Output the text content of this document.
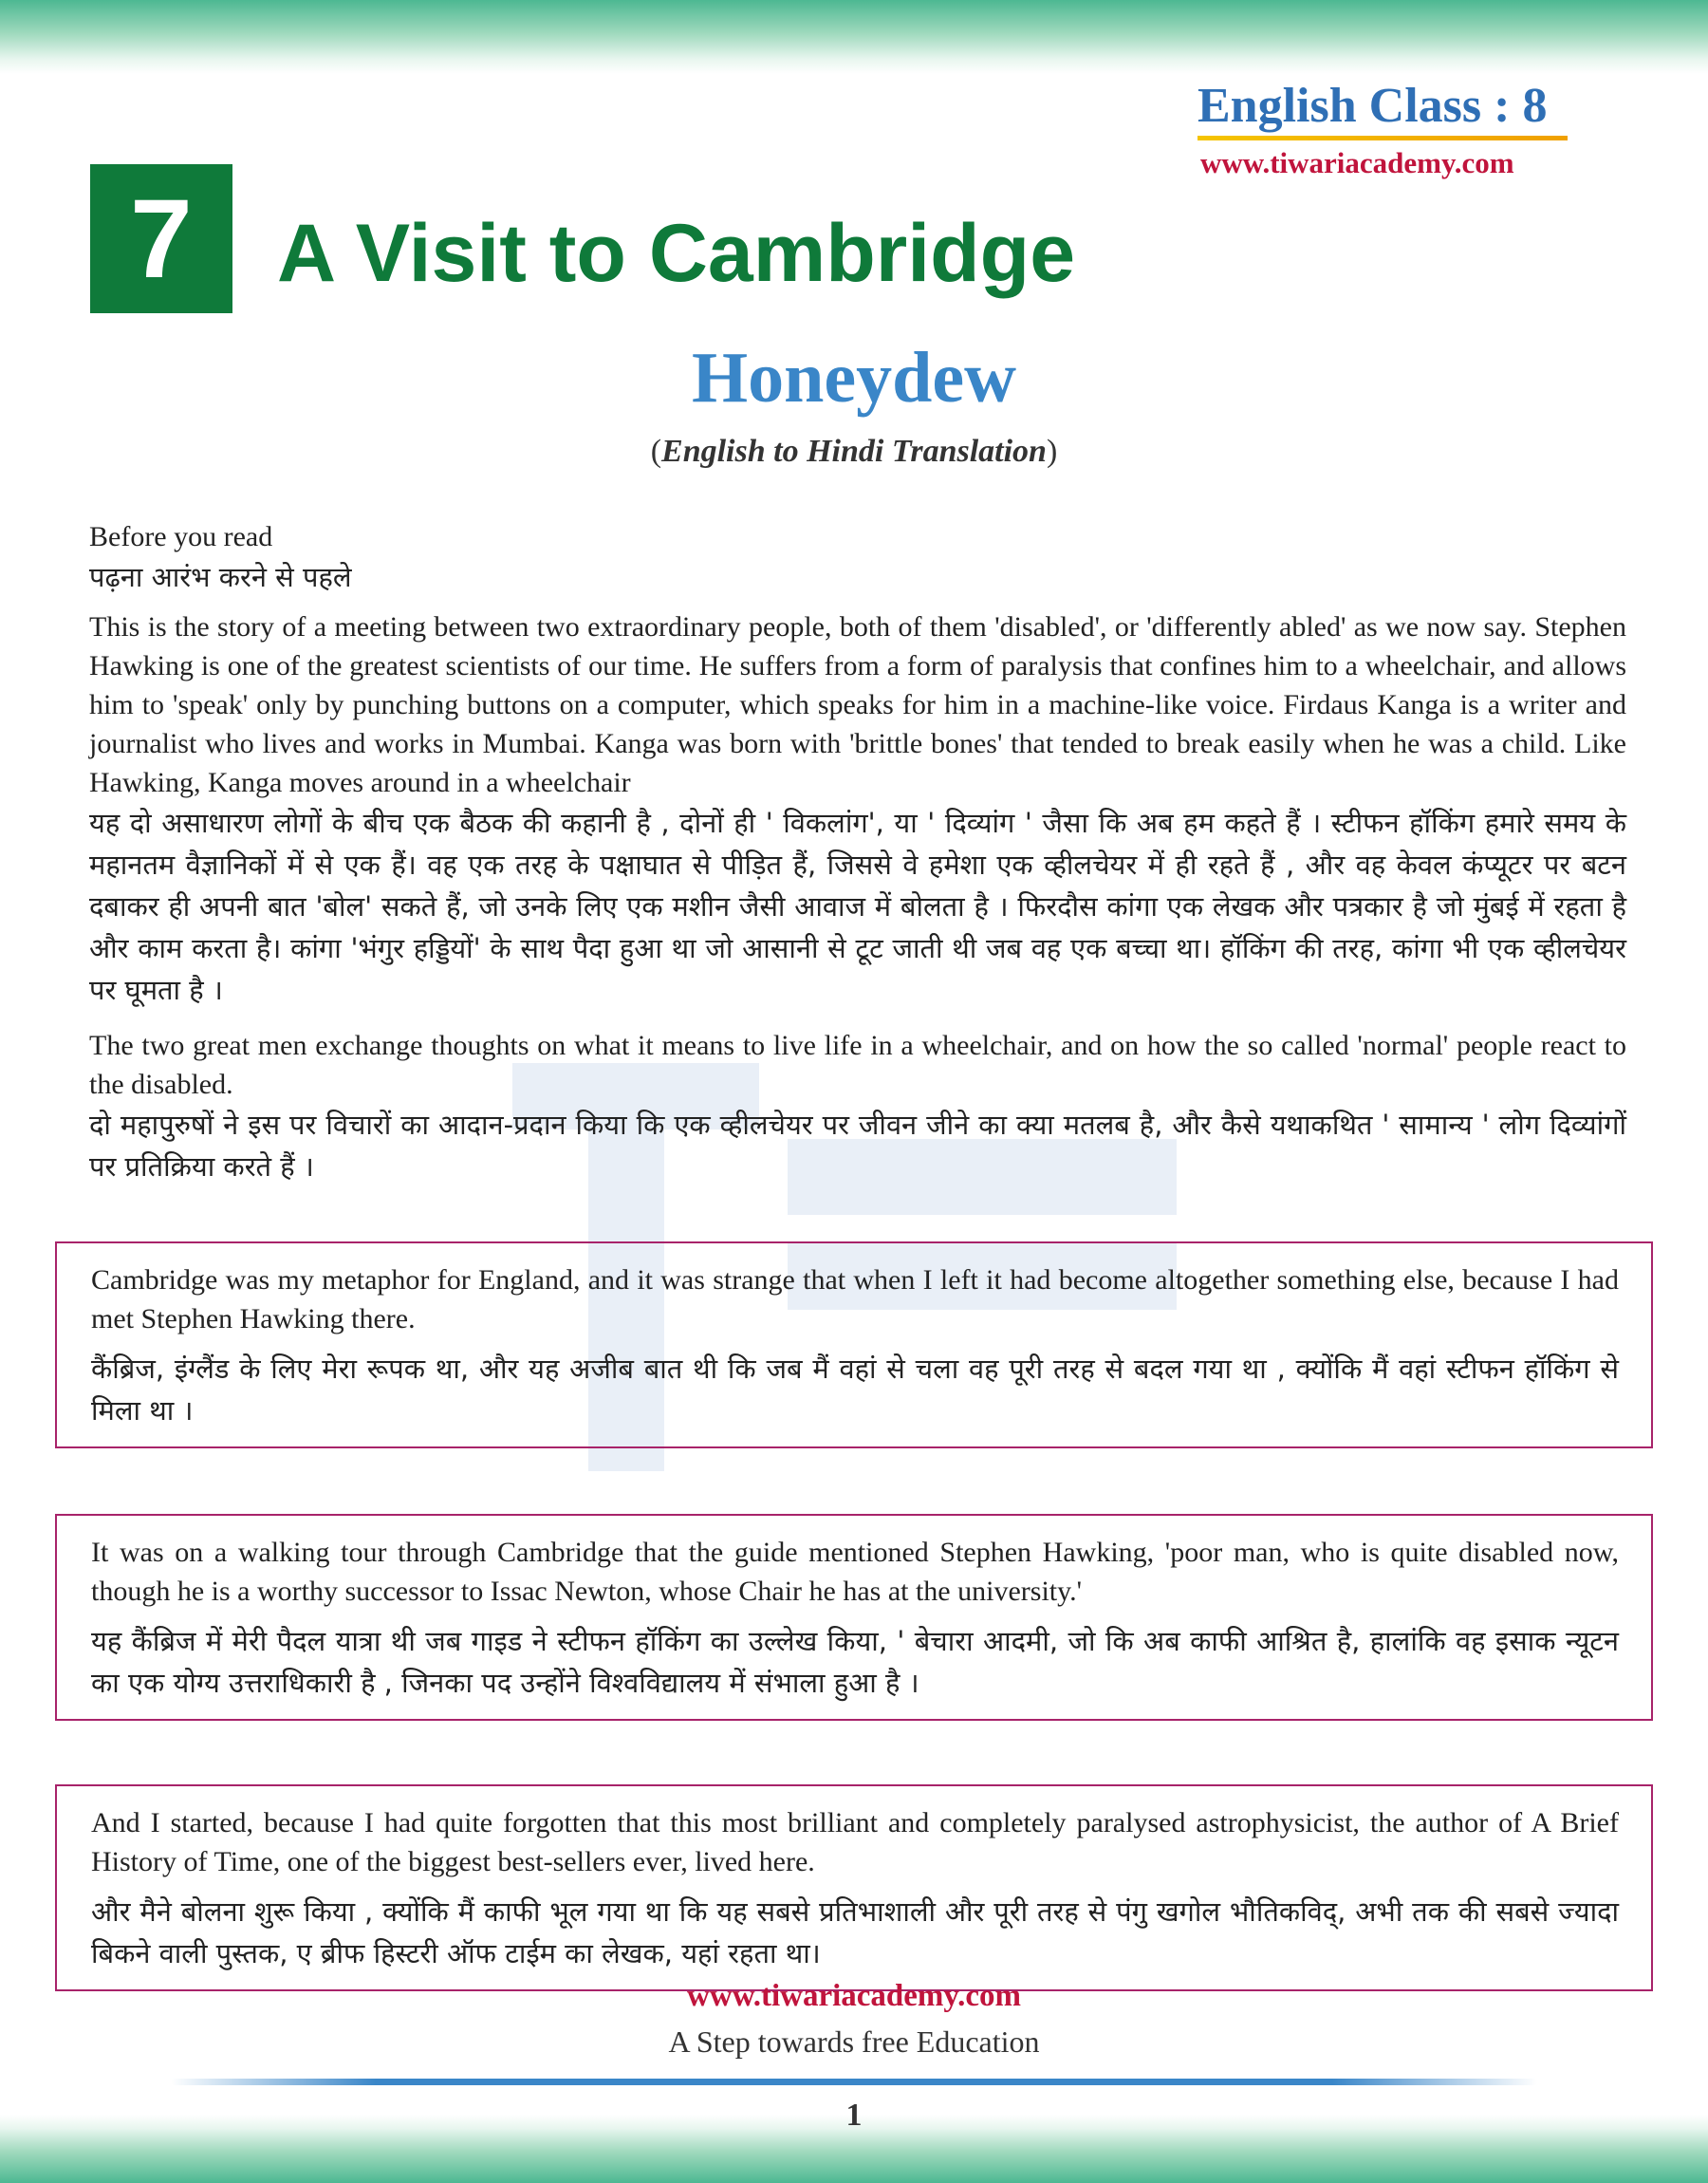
English Class : 8
www.tiwariacademy.com
7	A Visit to Cambridge
Honeydew
(English to Hindi Translation)

Before you read

पढ़ना आरंभ करने से पहले

This is the story of a meeting between two extraordinary people, both of them 'disabled', or 'differently abled' as we now say. Stephen Hawking is one of the greatest scientists of our time. He suffers from a form of paralysis that confines him to a wheelchair, and allows him to 'speak' only by punching buttons on a computer, which speaks for him in a machine-like voice. Firdaus Kanga is a writer and journalist who lives and works in Mumbai. Kanga was born with 'brittle bones' that tended to break easily when he was a child. Like Hawking, Kanga moves around in a wheelchair

यह दो असाधारण लोगों के बीच एक बैठक की कहानी है , दोनों ही ' विकलांग', या ' दिव्यांग ' जैसा कि अब हम कहते हैं । स्टीफन हॉकिंग हमारे समय के महानतम वैज्ञानिकों में से एक हैं। वह एक तरह के पक्षाघात से पीड़ित हैं, जिससे वे हमेशा एक व्हीलचेयर में ही रहते हैं , और वह केवल कंप्यूटर पर बटन दबाकर ही अपनी बात 'बोल' सकते हैं, जो उनके लिए एक मशीन जैसी आवाज में बोलता है । फिरदौस कांगा एक लेखक और पत्रकार है जो मुंबई में रहता है और काम करता है। कांगा 'भंगुर हड्डियों' के साथ पैदा हुआ था जो आसानी से टूट जाती थी जब वह एक बच्चा था। हॉकिंग की तरह, कांगा भी एक व्हीलचेयर पर घूमता है ।

The two great men exchange thoughts on what it means to live life in a wheelchair, and on how the so called 'normal' people react to the disabled.

दो महापुरुषों ने इस पर विचारों का आदान-प्रदान किया कि एक व्हीलचेयर पर जीवन जीने का क्या मतलब है, और कैसे यथाकथित ' सामान्य ' लोग दिव्यांगों पर प्रतिक्रिया करते हैं ।

Cambridge was my metaphor for England, and it was strange that when I left it had become altogether something else, because I had met Stephen Hawking there.

कैंब्रिज, इंग्लैंड के लिए मेरा रूपक था, और यह अजीब बात थी कि जब मैं वहां से चला वह पूरी तरह से बदल गया था , क्योंकि मैं वहां स्टीफन हॉकिंग से मिला था ।

It was on a walking tour through Cambridge that the guide mentioned Stephen Hawking, 'poor man, who is quite disabled now, though he is a worthy successor to Issac Newton, whose Chair he has at the university.'

यह कैंब्रिज में मेरी पैदल यात्रा थी जब गाइड ने स्टीफन हॉकिंग का उल्लेख किया, ' बेचारा आदमी, जो कि अब काफी आश्रित है, हालांकि वह इसाक न्यूटन का एक योग्य उत्तराधिकारी है , जिनका पद उन्होंने विश्वविद्यालय में संभाला हुआ है ।

And I started, because I had quite forgotten that this most brilliant and completely paralysed astrophysicist, the author of A Brief History of Time, one of the biggest best-sellers ever, lived here.

और मैने बोलना शुरू किया , क्योंकि मैं काफी भूल गया था कि यह सबसे प्रतिभाशाली और पूरी तरह से पंगु खगोल भौतिकविद्, अभी तक की सबसे ज्यादा बिकने वाली पुस्तक, ए ब्रीफ हिस्टरी ऑफ टाईम का लेखक, यहां रहता था।

www.tiwariacademy.com
A Step towards free Education
1
